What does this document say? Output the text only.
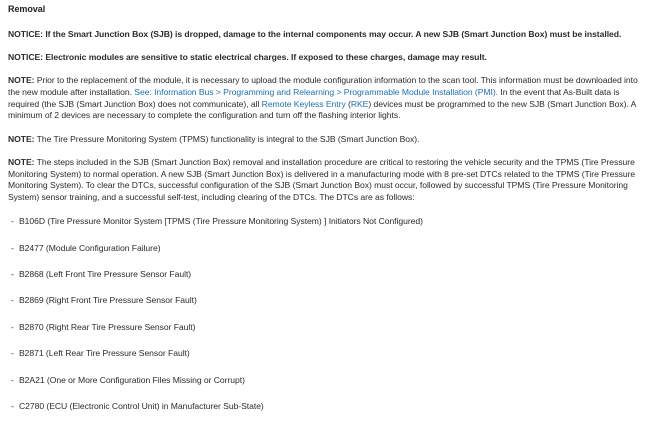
Removal

NOTICE: If the Smart Junction Box (SJB) is dropped, damage to the internal components may occur. A new SJB (Smart Junction Box) must be installed.

NOTICE: Electronic modules are sensitive to static electrical charges. If exposed to these charges, damage may result.

NOTE: Prior to the replacement of the module, it is necessary to upload the module configuration information to the scan tool. This information must be downloaded into the new module after installation. See: Information Bus > Programming and Relearning > Programmable Module Installation (PMI). In the event that As-Built data is required (the SJB (Smart Junction Box) does not communicate), all Remote Keyless Entry (RKE) devices must be programmed to the new SJB (Smart Junction Box). A minimum of 2 devices are necessary to complete the configuration and turn off the flashing interior lights.

NOTE: The Tire Pressure Monitoring System (TPMS) functionality is integral to the SJB (Smart Junction Box).

NOTE: The steps included in the SJB (Smart Junction Box) removal and installation procedure are critical to restoring the vehicle security and the TPMS (Tire Pressure Monitoring System) to normal operation. A new SJB (Smart Junction Box) is delivered in a manufacturing mode with 8 pre-set DTCs related to the TPMS (Tire Pressure Monitoring System). To clear the DTCs, successful configuration of the SJB (Smart Junction Box) must occur, followed by successful TPMS (Tire Pressure Monitoring System) sensor training, and a successful self-test, including clearing of the DTCs. The DTCs are as follows:

- B106D (Tire Pressure Monitor System [TPMS (Tire Pressure Monitoring System) ] Initiators Not Configured)
- B2477 (Module Configuration Failure)
- B2868 (Left Front Tire Pressure Sensor Fault)
- B2869 (Right Front Tire Pressure Sensor Fault)
- B2870 (Right Rear Tire Pressure Sensor Fault)
- B2871 (Left Rear Tire Pressure Sensor Fault)
- B2A21 (One or More Configuration Files Missing or Corrupt)
- C2780 (ECU (Electronic Control Unit) in Manufacturer Sub-State)
